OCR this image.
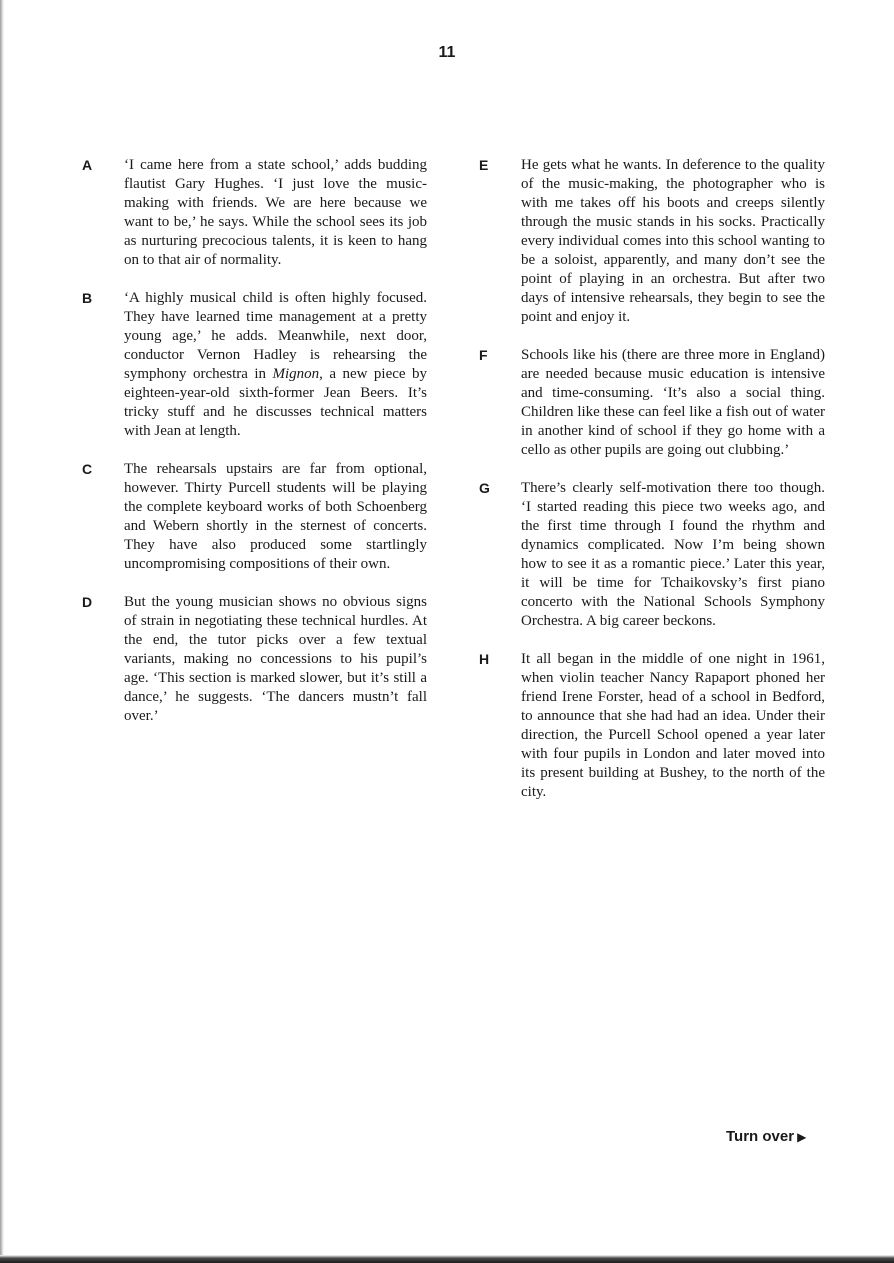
11
A ‘I came here from a state school,’ adds budding flautist Gary Hughes. ‘I just love the music-making with friends. We are here because we want to be,’ he says. While the school sees its job as nurturing precocious talents, it is keen to hang on to that air of normality.

B ‘A highly musical child is often highly focused. They have learned time management at a pretty young age,’ he adds. Meanwhile, next door, conductor Vernon Hadley is rehearsing the symphony orchestra in Mignon, a new piece by eighteen-year-old sixth-former Jean Beers. It’s tricky stuff and he discusses technical matters with Jean at length.

C The rehearsals upstairs are far from optional, however. Thirty Purcell students will be playing the complete keyboard works of both Schoenberg and Webern shortly in the sternest of concerts. They have also produced some startlingly uncompromising compositions of their own.

D But the young musician shows no obvious signs of strain in negotiating these technical hurdles. At the end, the tutor picks over a few textual variants, making no concessions to his pupil’s age. ‘This section is marked slower, but it’s still a dance,’ he suggests. ‘The dancers mustn’t fall over.’

E He gets what he wants. In deference to the quality of the music-making, the photographer who is with me takes off his boots and creeps silently through the music stands in his socks. Practically every individual comes into this school wanting to be a soloist, apparently, and many don’t see the point of playing in an orchestra. But after two days of intensive rehearsals, they begin to see the point and enjoy it.

F Schools like his (there are three more in England) are needed because music education is intensive and time-consuming. ‘It’s also a social thing. Children like these can feel like a fish out of water in another kind of school if they go home with a cello as other pupils are going out clubbing.’

G There’s clearly self-motivation there too though. ‘I started reading this piece two weeks ago, and the first time through I found the rhythm and dynamics complicated. Now I’m being shown how to see it as a romantic piece.’ Later this year, it will be time for Tchaikovsky’s first piano concerto with the National Schools Symphony Orchestra. A big career beckons.

H It all began in the middle of one night in 1961, when violin teacher Nancy Rapaport phoned her friend Irene Forster, head of a school in Bedford, to announce that she had had an idea. Under their direction, the Purcell School opened a year later with four pupils in London and later moved into its present building at Bushey, to the north of the city.

Turn over ▶
